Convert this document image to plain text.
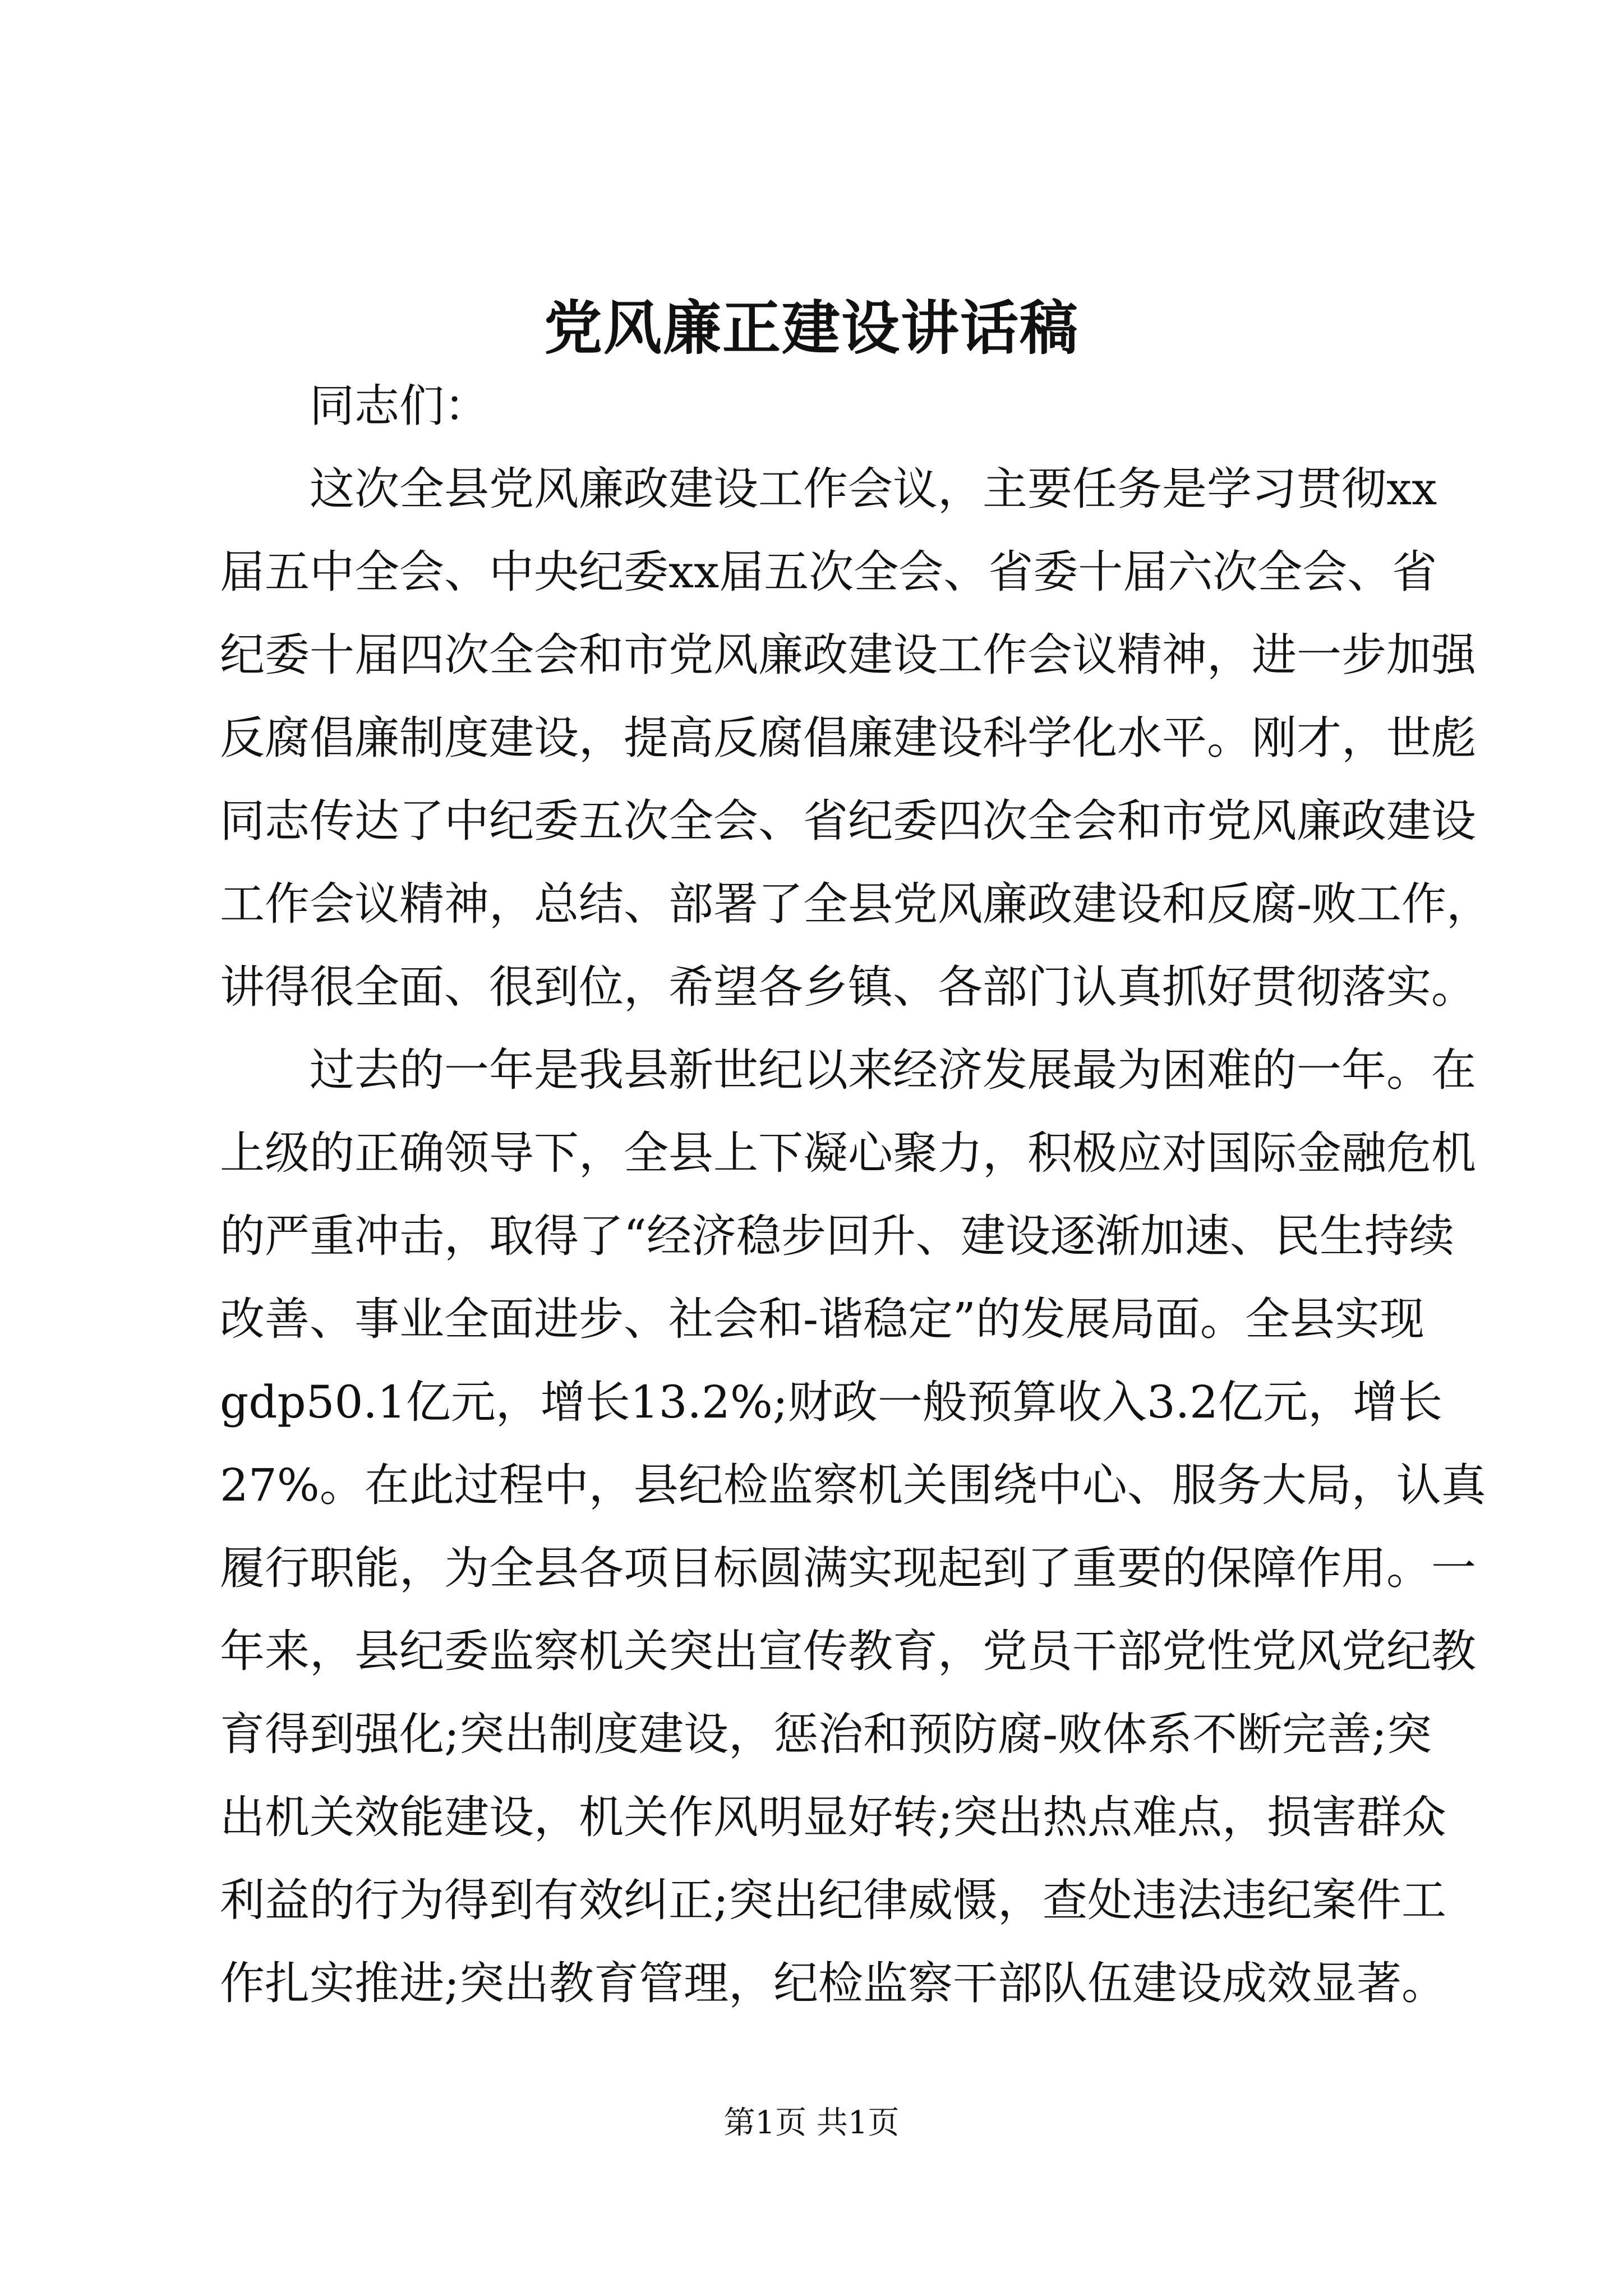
党风廉正建设讲话稿
同志们：
这次全县党风廉政建设工作会议，主要任务是学习贯彻xx
届五中全会、中央纪委xx届五次全会、省委十届六次全会、省
纪委十届四次全会和市党风廉政建设工作会议精神，进一步加强
反腐倡廉制度建设，提高反腐倡廉建设科学化水平。刚才，世彪
同志传达了中纪委五次全会、省纪委四次全会和市党风廉政建设
工作会议精神，总结、部署了全县党风廉政建设和反腐-败工作，
讲得很全面、很到位，希望各乡镇、各部门认真抓好贯彻落实。
过去的一年是我县新世纪以来经济发展最为困难的一年。在
上级的正确领导下，全县上下凝心聚力，积极应对国际金融危机
的严重冲击，取得了“经济稳步回升、建设逐渐加速、民生持续
改善、事业全面进步、社会和-谐稳定”的发展局面。全县实现
gdp50.1亿元，增长13.2%;财政一般预算收入3.2亿元，增长
27%。在此过程中，县纪检监察机关围绕中心、服务大局，认真
履行职能，为全县各项目标圆满实现起到了重要的保障作用。一
年来，县纪委监察机关突出宣传教育，党员干部党性党风党纪教
育得到强化;突出制度建设，惩治和预防腐-败体系不断完善;突
出机关效能建设，机关作风明显好转;突出热点难点，损害群众
利益的行为得到有效纠正;突出纪律威慑，查处违法违纪案件工
作扎实推进;突出教育管理，纪检监察干部队伍建设成效显著。
第1页 共1页
